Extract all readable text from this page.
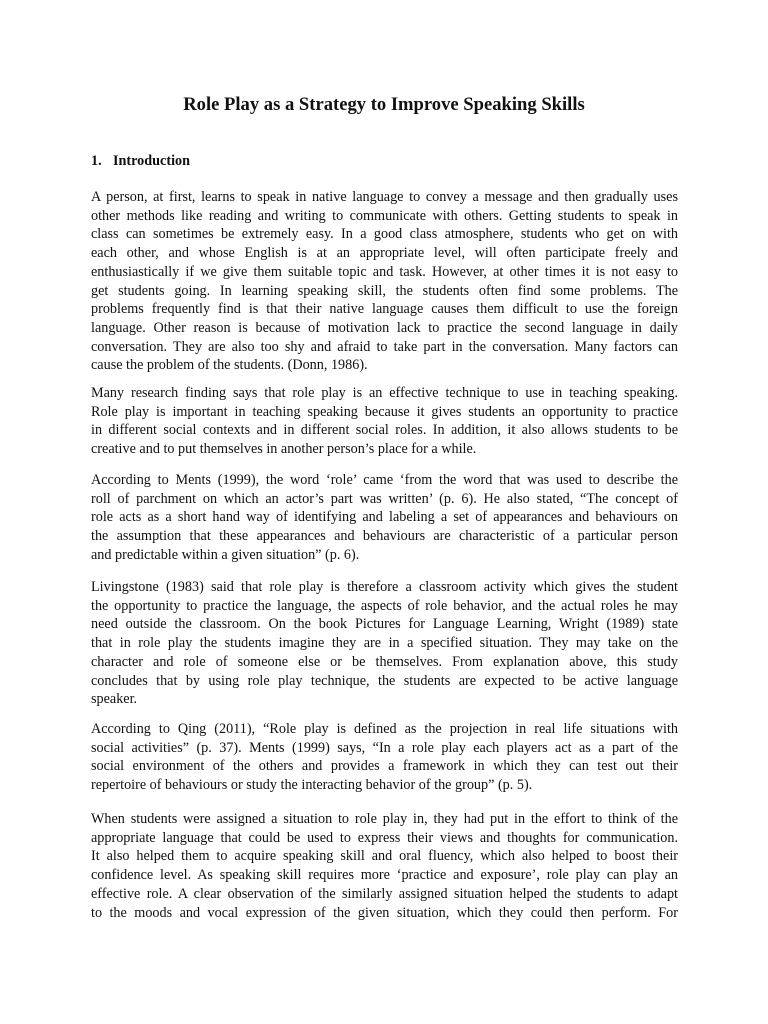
Role Play as a Strategy to Improve Speaking Skills
1. Introduction
A person, at first, learns to speak in native language to convey a message and then gradually uses
other methods like reading and writing to communicate with others. Getting students to speak in
class can sometimes be extremely easy. In a good class atmosphere, students who get on with
each other, and whose English is at an appropriate level, will often participate freely and
enthusiastically if we give them suitable topic and task. However, at other times it is not easy to
get students going. In learning speaking skill, the students often find some problems. The
problems frequently find is that their native language causes them difficult to use the foreign
language. Other reason is because of motivation lack to practice the second language in daily
conversation. They are also too shy and afraid to take part in the conversation. Many factors can
cause the problem of the students. (Donn, 1986).
Many research finding says that role play is an effective technique to use in teaching speaking.
Role play is important in teaching speaking because it gives students an opportunity to practice
in different social contexts and in different social roles. In addition, it also allows students to be
creative and to put themselves in another person’s place for a while.
According to Ments (1999), the word ‘role’ came ‘from the word that was used to describe the
roll of parchment on which an actor’s part was written’ (p. 6). He also stated, “The concept of
role acts as a short hand way of identifying and labeling a set of appearances and behaviours on
the assumption that these appearances and behaviours are characteristic of a particular person
and predictable within a given situation” (p. 6).
Livingstone (1983) said that role play is therefore a classroom activity which gives the student
the opportunity to practice the language, the aspects of role behavior, and the actual roles he may
need outside the classroom. On the book Pictures for Language Learning, Wright (1989) state
that in role play the students imagine they are in a specified situation. They may take on the
character and role of someone else or be themselves. From explanation above, this study
concludes that by using role play technique, the students are expected to be active language
speaker.
According to Qing (2011), “Role play is defined as the projection in real life situations with
social activities” (p. 37). Ments (1999) says, “In a role play each players act as a part of the
social environment of the others and provides a framework in which they can test out their
repertoire of behaviours or study the interacting behavior of the group” (p. 5).
When students were assigned a situation to role play in, they had put in the effort to think of the
appropriate language that could be used to express their views and thoughts for communication.
It also helped them to acquire speaking skill and oral fluency, which also helped to boost their
confidence level. As speaking skill requires more ‘practice and exposure’, role play can play an
effective role. A clear observation of the similarly assigned situation helped the students to adapt
to the moods and vocal expression of the given situation, which they could then perform. For
